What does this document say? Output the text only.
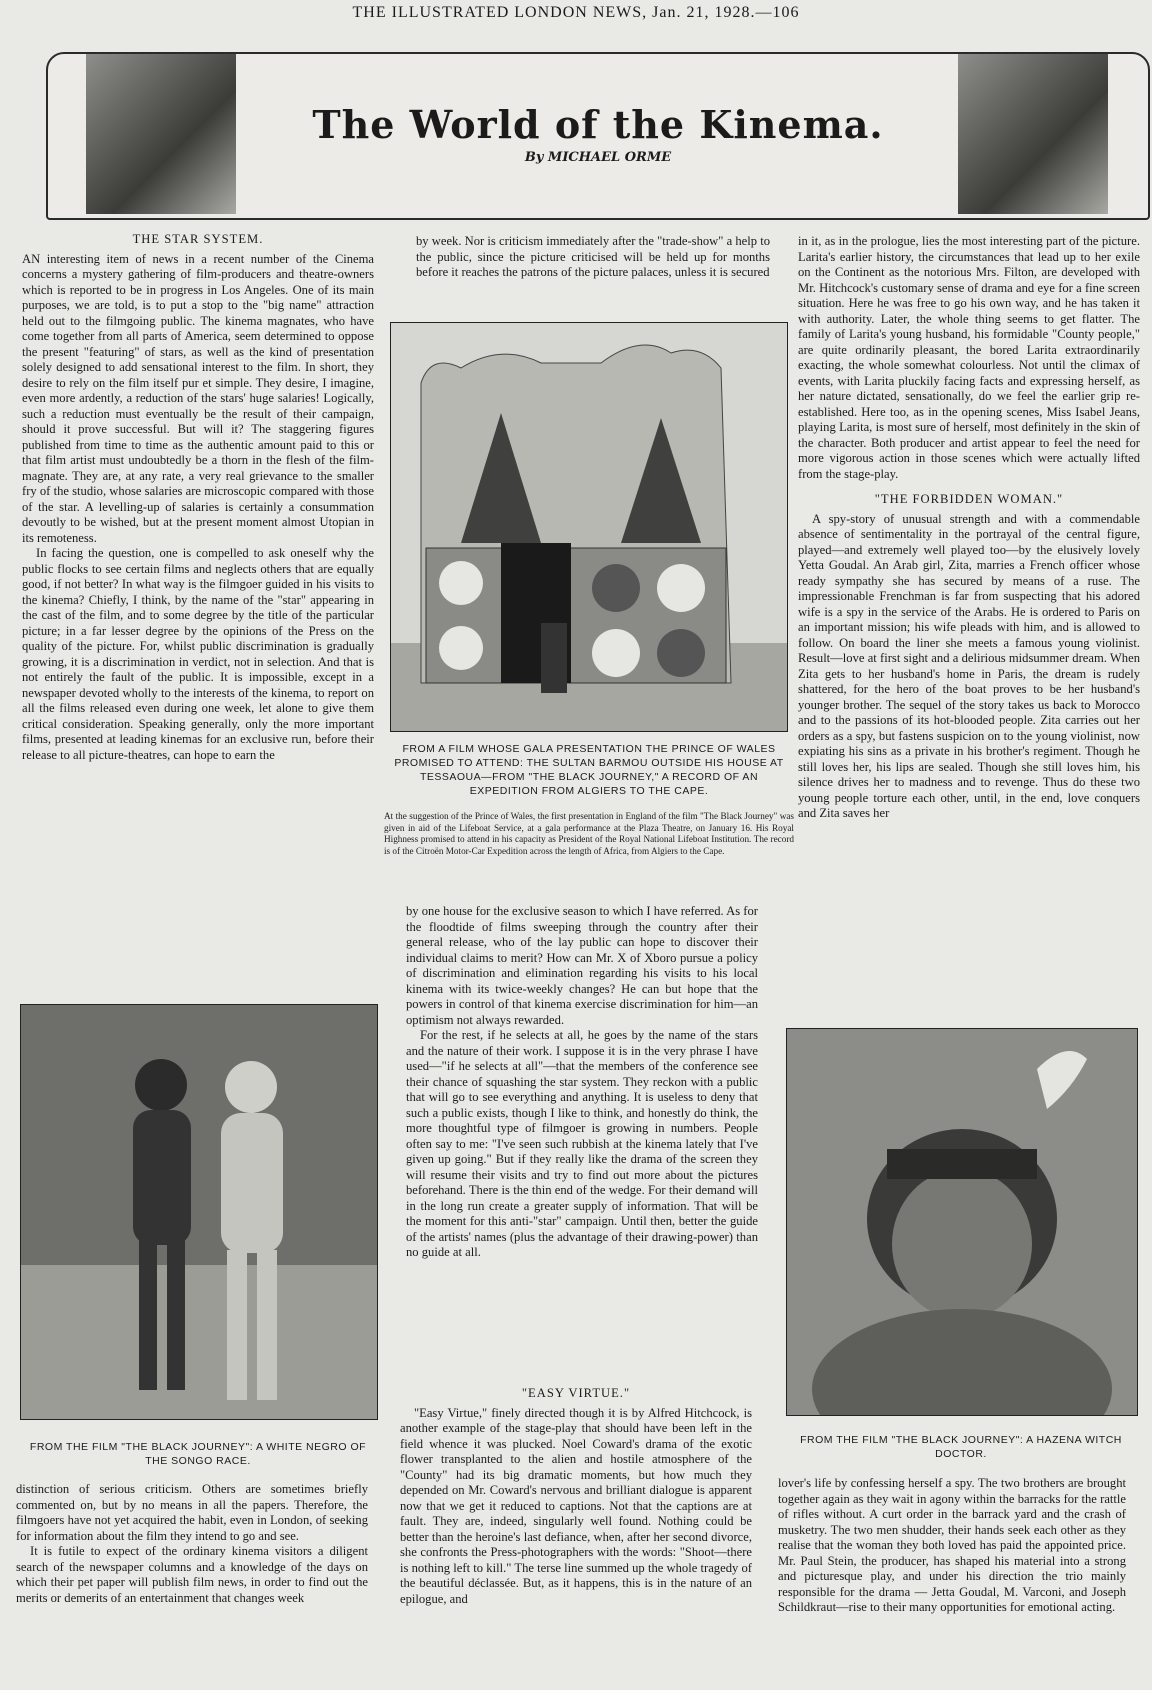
THE ILLUSTRATED LONDON NEWS, Jan. 21, 1928.—106
The World of the Kinema.
By MICHAEL ORME
THE STAR SYSTEM.

AN interesting item of news in a recent number of the Cinema concerns a mystery gathering of film-producers and theatre-owners which is reported to be in progress in Los Angeles. One of its main purposes, we are told, is to put a stop to the "big name" attraction held out to the filmgoing public. The kinema magnates, who have come together from all parts of America, seem determined to oppose the present "featuring" of stars, as well as the kind of presentation solely designed to add sensational interest to the film. In short, they desire to rely on the film itself pur et simple. They desire, I imagine, even more ardently, a reduction of the stars' huge salaries! Logically, such a reduction must eventually be the result of their campaign, should it prove successful. But will it? The staggering figures published from time to time as the authentic amount paid to this or that film artist must undoubtedly be a thorn in the flesh of the film-magnate. They are, at any rate, a very real grievance to the smaller fry of the studio, whose salaries are microscopic compared with those of the star. A levelling-up of salaries is certainly a consummation devoutly to be wished, but at the present moment almost Utopian in its remoteness.

In facing the question, one is compelled to ask oneself why the public flocks to see certain films and neglects others that are equally good, if not better? In what way is the filmgoer guided in his visits to the kinema? Chiefly, I think, by the name of the "star" appearing in the cast of the film, and to some degree by the title of the particular picture; in a far lesser degree by the opinions of the Press on the quality of the picture. For, whilst public discrimination is gradually growing, it is a discrimination in verdict, not in selection. And that is not entirely the fault of the public. It is impossible, except in a newspaper devoted wholly to the interests of the kinema, to report on all the films released even during one week, let alone to give them critical consideration. Speaking generally, only the more important films, presented at leading kinemas for an exclusive run, before their release to all picture-theatres, can hope to earn the

by week. Nor is criticism immediately after the "trade-show" a help to the public, since the picture criticised will be held up for months before it reaches the patrons of the picture palaces, unless it is secured

FROM A FILM WHOSE GALA PRESENTATION THE PRINCE OF WALES PROMISED TO ATTEND: THE SULTAN BARMOU OUTSIDE HIS HOUSE AT TESSAOUA—FROM "THE BLACK JOURNEY," A RECORD OF AN EXPEDITION FROM ALGIERS TO THE CAPE.
At the suggestion of the Prince of Wales, the first presentation in England of the film "The Black Journey" was given in aid of the Lifeboat Service, at a gala performance at the Plaza Theatre, on January 16. His Royal Highness promised to attend in his capacity as President of the Royal National Lifeboat Institution. The record is of the Citroën Motor-Car Expedition across the length of Africa, from Algiers to the Cape.

in it, as in the prologue, lies the most interesting part of the picture. Larita's earlier history, the circumstances that lead up to her exile on the Continent as the notorious Mrs. Filton, are developed with Mr. Hitchcock's customary sense of drama and eye for a fine screen situation. Here he was free to go his own way, and he has taken it with authority. Later, the whole thing seems to get flatter. The family of Larita's young husband, his formidable "County people," are quite ordinarily pleasant, the bored Larita extraordinarily exacting, the whole somewhat colourless. Not until the climax of events, with Larita pluckily facing facts and expressing herself, as her nature dictated, sensationally, do we feel the earlier grip re-established. Here too, as in the opening scenes, Miss Isabel Jeans, playing Larita, is most sure of herself, most definitely in the skin of the character. Both producer and artist appear to feel the need for more vigorous action in those scenes which were actually lifted from the stage-play.

"THE FORBIDDEN WOMAN."

A spy-story of unusual strength and with a commendable absence of sentimentality in the portrayal of the central figure, played—and extremely well played too—by the elusively lovely Yetta Goudal. An Arab girl, Zita, marries a French officer whose ready sympathy she has secured by means of a ruse. The impressionable Frenchman is far from suspecting that his adored wife is a spy in the service of the Arabs. He is ordered to Paris on an important mission; his wife pleads with him, and is allowed to follow. On board the liner she meets a famous young violinist. Result—love at first sight and a delirious midsummer dream. When Zita gets to her husband's home in Paris, the dream is rudely shattered, for the hero of the boat proves to be her husband's younger brother. The sequel of the story takes us back to Morocco and to the passions of its hot-blooded people. Zita carries out her orders as a spy, but fastens suspicion on to the young violinist, now expiating his sins as a private in his brother's regiment. Though he still loves her, his lips are sealed. Though she still loves him, his silence drives her to madness and to revenge. Thus do these two young people torture each other, until, in the end, love conquers and Zita saves her

by one house for the exclusive season to which I have referred. As for the floodtide of films sweeping through the country after their general release, who of the lay public can hope to discover their individual claims to merit? How can Mr. X of Xboro pursue a policy of discrimination and elimination regarding his visits to his local kinema with its twice-weekly changes? He can but hope that the powers in control of that kinema exercise discrimination for him—an optimism not always rewarded.

For the rest, if he selects at all, he goes by the name of the stars and the nature of their work. I suppose it is in the very phrase I have used—"if he selects at all"—that the members of the conference see their chance of squashing the star system. They reckon with a public that will go to see everything and anything. It is useless to deny that such a public exists, though I like to think, and honestly do think, the more thoughtful type of filmgoer is growing in numbers. People often say to me: "I've seen such rubbish at the kinema lately that I've given up going." But if they really like the drama of the screen they will resume their visits and try to find out more about the pictures beforehand. There is the thin end of the wedge. For their demand will in the long run create a greater supply of information. That will be the moment for this anti-"star" campaign. Until then, better the guide of the artists' names (plus the advantage of their drawing-power) than no guide at all.

"EASY VIRTUE."

"Easy Virtue," finely directed though it is by Alfred Hitchcock, is another example of the stage-play that should have been left in the field whence it was plucked. Noel Coward's drama of the exotic flower transplanted to the alien and hostile atmosphere of the "County" had its big dramatic moments, but how much they depended on Mr. Coward's nervous and brilliant dialogue is apparent now that we get it reduced to captions. Not that the captions are at fault. They are, indeed, singularly well found. Nothing could be better than the heroine's last defiance, when, after her second divorce, she confronts the Press-photographers with the words: "Shoot—there is nothing left to kill." The terse line summed up the whole tragedy of the beautiful déclassée. But, as it happens, this is in the nature of an epilogue, and

FROM THE FILM "THE BLACK JOURNEY": A WHITE NEGRO OF THE SONGO RACE.

distinction of serious criticism. Others are sometimes briefly commented on, but by no means in all the papers. Therefore, the filmgoers have not yet acquired the habit, even in London, of seeking for information about the film they intend to go and see.

It is futile to expect of the ordinary kinema visitors a diligent search of the newspaper columns and a knowledge of the days on which their pet paper will publish film news, in order to find out the merits or demerits of an entertainment that changes week

FROM THE FILM "THE BLACK JOURNEY": A HAZENA WITCH DOCTOR.

lover's life by confessing herself a spy. The two brothers are brought together again as they wait in agony within the barracks for the rattle of rifles without. A curt order in the barrack yard and the crash of musketry. The two men shudder, their hands seek each other as they realise that the woman they both loved has paid the appointed price. Mr. Paul Stein, the producer, has shaped his material into a strong and picturesque play, and under his direction the trio mainly responsible for the drama — Jetta Goudal, M. Varconi, and Joseph Schildkraut—rise to their many opportunities for emotional acting.
